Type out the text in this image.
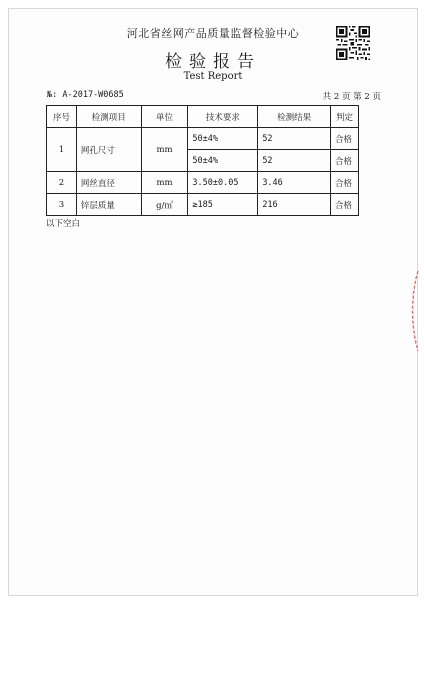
河北省丝网产品质量监督检验中心
检验报告
Test Report
№: A-2017-W0685	共 2 页 第 2 页
序号	检测项目	单位	技术要求	检测结果	判定
1	网孔尺寸	mm	50±4%	52	合格
			50±4%	52	合格
2	网丝直径	mm	3.50±0.05	3.46	合格
3	锌层质量	g/㎡	≥185	216	合格
以下空白
